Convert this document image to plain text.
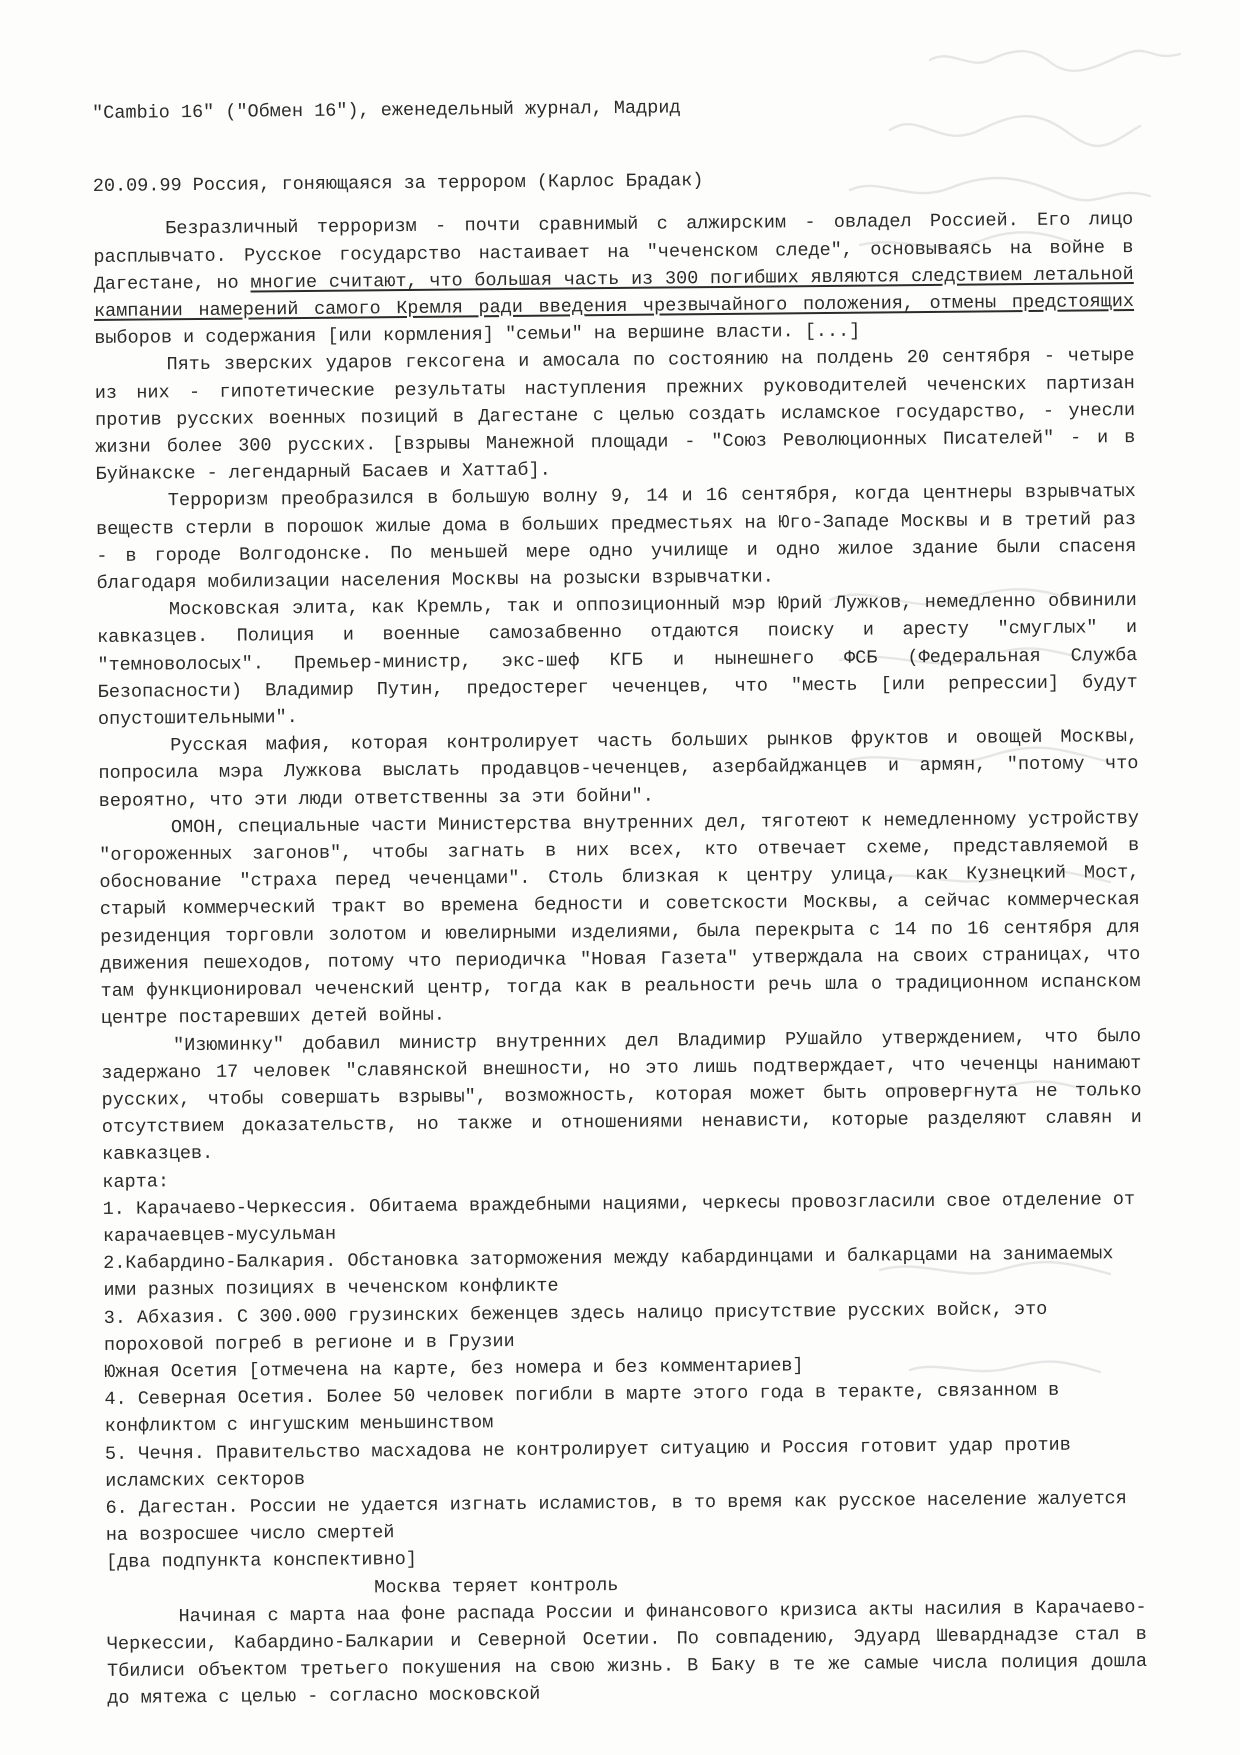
"Cambio 16" ("Обмен 16"), еженедельный журнал, Мадрид
20.09.99 Россия, гоняющаяся за террором (Карлос Брадак)

Безразличный терроризм - почти сравнимый с алжирским - овладел Россией. Его лицо расплывчато. Русское государство настаивает на "чеченском следе", основываясь на войне в Дагестане, но многие считают, что большая часть из 300 погибших являются следствием летальной кампании намерений самого Кремля ради введения чрезвычайного положения, отмены предстоящих выборов и содержания [или кормления] "семьи" на вершине власти. [...]

Пять зверских ударов гексогена и амосала по состоянию на полдень 20 сентября - четыре из них - гипотетические результаты наступления прежних руководителей чеченских партизан против русских военных позиций в Дагестане с целью создать исламское государство, - унесли жизни более 300 русских. [взрывы Манежной площади - "Союз Революционных Писателей" - и в Буйнакске - легендарный Басаев и Хаттаб].

Терроризм преобразился в большую волну 9, 14 и 16 сентября, когда центнеры взрывчатых веществ стерли в порошок жилые дома в больших предместьях на Юго-Западе Москвы и в третий раз - в городе Волгодонске. По меньшей мере одно училище и одно жилое здание были спасеня благодаря мобилизации населения Москвы на розыски взрывчатки.

Московская элита, как Кремль, так и оппозиционный мэр Юрий Лужков, немедленно обвинили кавказцев. Полиция и военные самозабвенно отдаются поиску и аресту "смуглых" и "темноволосых". Премьер-министр, экс-шеф КГБ и нынешнего ФСБ (Федеральная Служба Безопасности) Владимир Путин, предостерег чеченцев, что "месть [или репрессии] будут опустошительными".

Русская мафия, которая контролирует часть больших рынков фруктов и овощей Москвы, попросила мэра Лужкова выслать продавцов-чеченцев, азербайджанцев и армян, "потому что вероятно, что эти люди ответственны за эти бойни".

ОМОН, специальные части Министерства внутренних дел, тяготеют к немедленному устройству "огороженных загонов", чтобы загнать в них всех, кто отвечает схеме, представляемой в обоснование "страха перед чеченцами". Столь близкая к центру улица, как Кузнецкий Мост, старый коммерческий тракт во времена бедности и советскости Москвы, а сейчас коммерческая резиденция торговли золотом и ювелирными изделиями, была перекрыта с 14 по 16 сентября для движения пешеходов, потому что периодичка "Новая Газета" утверждала на своих страницах, что там функционировал чеченский центр, тогда как в реальности речь шла о традиционном испанском центре постаревших детей войны.

"Изюминку" добавил министр внутренних дел Владимир РУшайло утверждением, что было задержано 17 человек "славянской внешности, но это лишь подтверждает, что чеченцы нанимают русских, чтобы совершать взрывы", возможность, которая может быть опровергнута не только отсутствием доказательств, но также и отношениями ненависти, которые разделяют славян и кавказцев.

карта:
1. Карачаево-Черкессия. Обитаема враждебными нациями, черкесы провозгласили свое отделение от карачаевцев-мусульман
2.Кабардино-Балкария. Обстановка заторможения между кабардинцами и балкарцами на занимаемых ими разных позициях в чеченском конфликте
3. Абхазия. С 300.000 грузинских беженцев здесь налицо присутствие русских войск, это пороховой погреб в регионе и в Грузии
Южная Осетия [отмечена на карте, без номера и без комментариев]
4. Северная Осетия. Более 50 человек погибли в марте этого года в теракте, связанном в конфликтом с ингушским меньшинством
5. Чечня. Правительство масхадова не контролирует ситуацию и Россия готовит удар против исламских секторов
6. Дагестан. России не удается изгнать исламистов, в то время как русское население жалуется на возросшее число смертей
[два подпункта конспективно]
Москва теряет контроль

Начиная с марта наа фоне распада России и финансового кризиса акты насилия в Карачаево-Черкессии, Кабардино-Балкарии и Северной Осетии. По совпадению, Эдуард Шеварднадзе стал в Тбилиси объектом третьего покушения на свою жизнь. В Баку в те же самые числа полиция дошла до мятежа с целью - согласно московской
